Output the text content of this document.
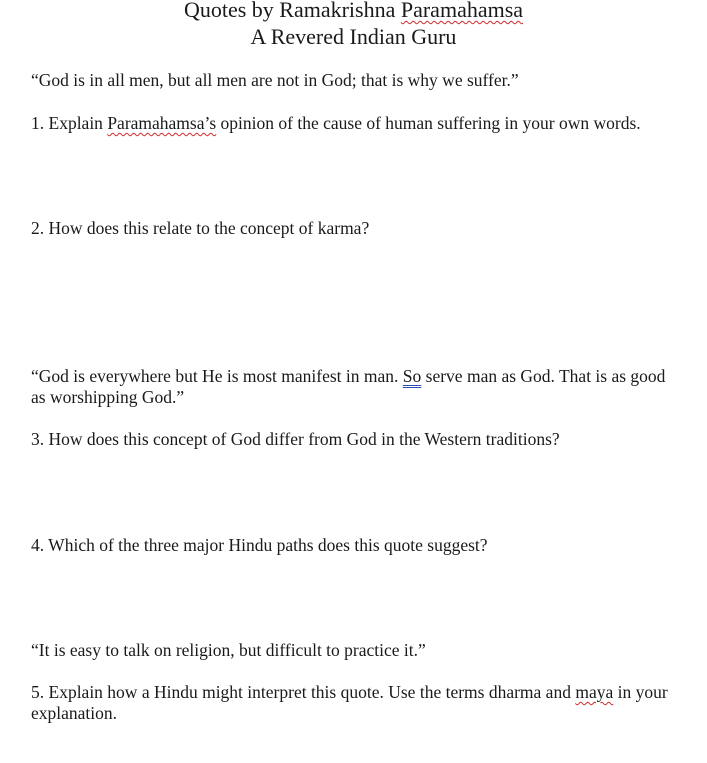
Quotes by Ramakrishna Paramahamsa
A Revered Indian Guru

“God is in all men, but all men are not in God; that is why we suffer.”

1. Explain Paramahamsa’s opinion of the cause of human suffering in your own words.

2. How does this relate to the concept of karma?

“God is everywhere but He is most manifest in man. So serve man as God. That is as good as worshipping God.”

3. How does this concept of God differ from God in the Western traditions?

4. Which of the three major Hindu paths does this quote suggest?

“It is easy to talk on religion, but difficult to practice it.”

5. Explain how a Hindu might interpret this quote. Use the terms dharma and maya in your explanation.
